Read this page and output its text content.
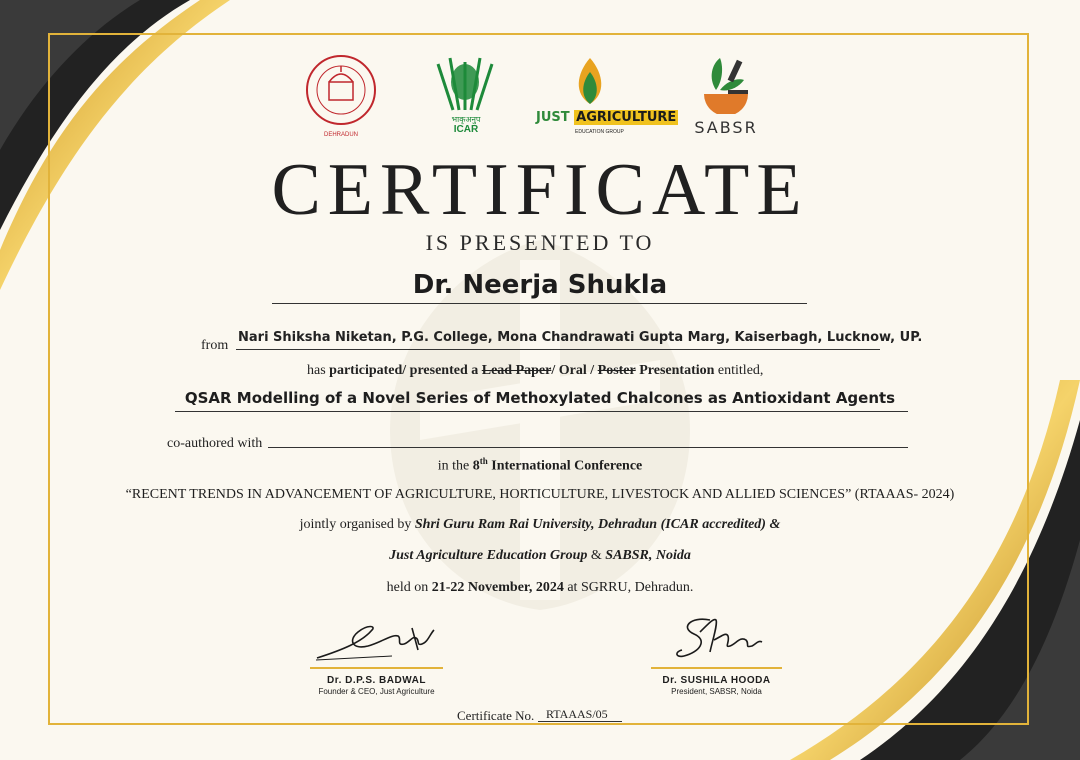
DEHRADUN
भाकृअनुप
ICAR
JUST AGRICULTURE
EDUCATION GROUP	SABSR
CERTIFICATE
IS PRESENTED TO
Dr. Neerja Shukla
from
Nari Shiksha Niketan, P.G. College, Mona Chandrawati Gupta Marg, Kaiserbagh, Lucknow, UP.
has participated/ presented a Lead Paper/ Oral / Poster Presentation entitled,
QSAR Modelling of a Novel Series of Methoxylated Chalcones as Antioxidant Agents
co-authored with
in the 8th International Conference
“RECENT TRENDS IN ADVANCEMENT OF AGRICULTURE, HORTICULTURE, LIVESTOCK AND ALLIED SCIENCES” (RTAAAS- 2024)
jointly organised by Shri Guru Ram Rai University, Dehradun (ICAR accredited) &
Just Agriculture Education Group & SABSR, Noida
held on 21-22 November, 2024 at SGRRU, Dehradun.
Dr. D.P.S. BADWAL
Founder & CEO, Just Agriculture
Dr. SUSHILA HOODA
President, SABSR, Noida
Certificate No. RTAAAS/05
